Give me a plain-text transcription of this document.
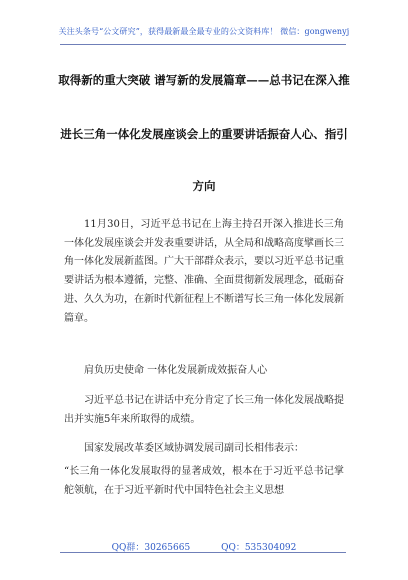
关注头条号“公文研究”，获得最新最全最专业的公文资料库！ 微信：gongwenyj
取得新的重大突破 谱写新的发展篇章——总书记在深入推
进长三角一体化发展座谈会上的重要讲话振奋人心、指引
方向
11月30日，习近平总书记在上海主持召开深入推进长三角一体化发展座谈会并发表重要讲话，从全局和战略高度擘画长三角一体化发展新蓝图。广大干部群众表示，要以习近平总书记重要讲话为根本遵循，完整、准确、全面贯彻新发展理念，砥砺奋进、久久为功，在新时代新征程上不断谱写长三角一体化发展新篇章。
肩负历史使命 一体化发展新成效振奋人心
习近平总书记在讲话中充分肯定了长三角一体化发展战略提出并实施5年来所取得的成绩。
国家发展改革委区域协调发展司副司长相伟表示：
“长三角一体化发展取得的显著成效，根本在于习近平总书记掌舵领航，在于习近平新时代中国特色社会主义思想
QQ群：30265665	QQ：535304092
